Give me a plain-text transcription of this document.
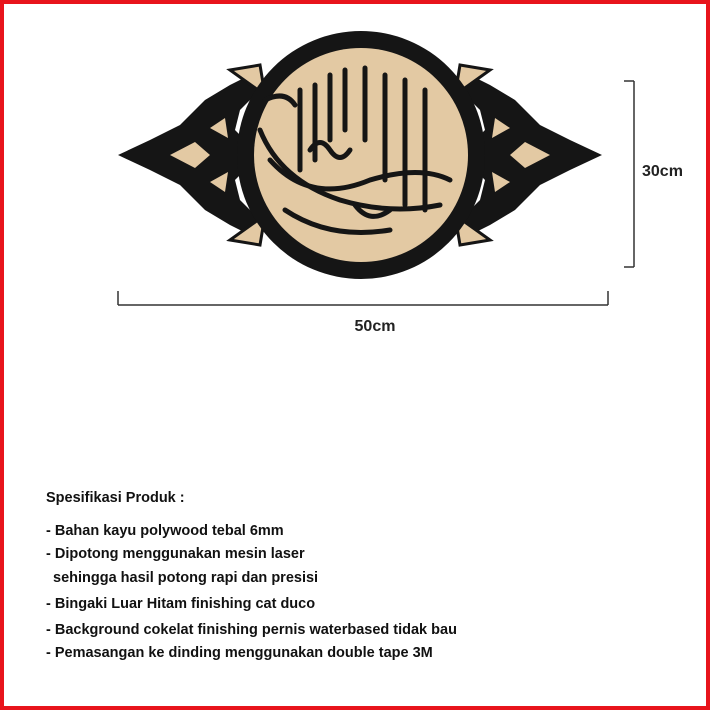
30cm
50cm
Spesifikasi Produk :
- Bahan kayu polywood tebal 6mm
- Dipotong menggunakan mesin laser
sehingga hasil potong rapi dan presisi
- Bingaki Luar Hitam finishing cat duco
- Background cokelat finishing pernis waterbased tidak bau
- Pemasangan ke dinding menggunakan double tape 3M
